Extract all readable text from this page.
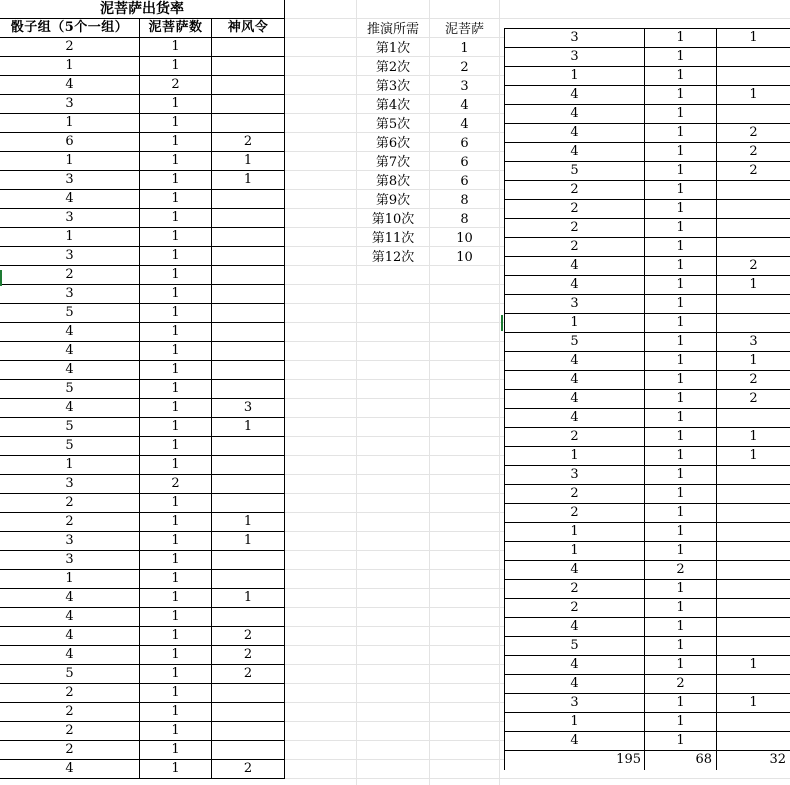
泥菩萨出货率
骰子组（5个一组）	泥菩萨数	神风令
2	1
1	1
4	2
3	1
1	1
6	1	2
1	1	1
3	1	1
4	1
3	1
1	1
3	1
2	1
3	1
5	1
4	1
4	1
4	1
5	1
4	1	3
5	1	1
5	1
1	1
3	2
2	1
2	1	1
3	1	1
3	1
1	1
4	1	1
4	1
4	1	2
4	1	2
5	1	2
2	1
2	1
2	1
2	1
4	1	2
推演所需	泥菩萨
第1次	1
第2次	2
第3次	3
第4次	4
第5次	4
第6次	6
第7次	6
第8次	6
第9次	8
第10次	8
第11次	10
第12次	10
3	1	1
3	1
1	1
4	1	1
4	1
4	1	2
4	1	2
5	1	2
2	1
2	1
2	1
2	1
4	1	2
4	1	1
3	1
1	1
5	1	3
4	1	1
4	1	2
4	1	2
4	1
2	1	1
1	1	1
3	1
2	1
2	1
1	1
1	1
4	2
2	1
2	1
4	1
5	1
4	1	1
4	2
3	1	1
1	1
4	1
195	68	32
